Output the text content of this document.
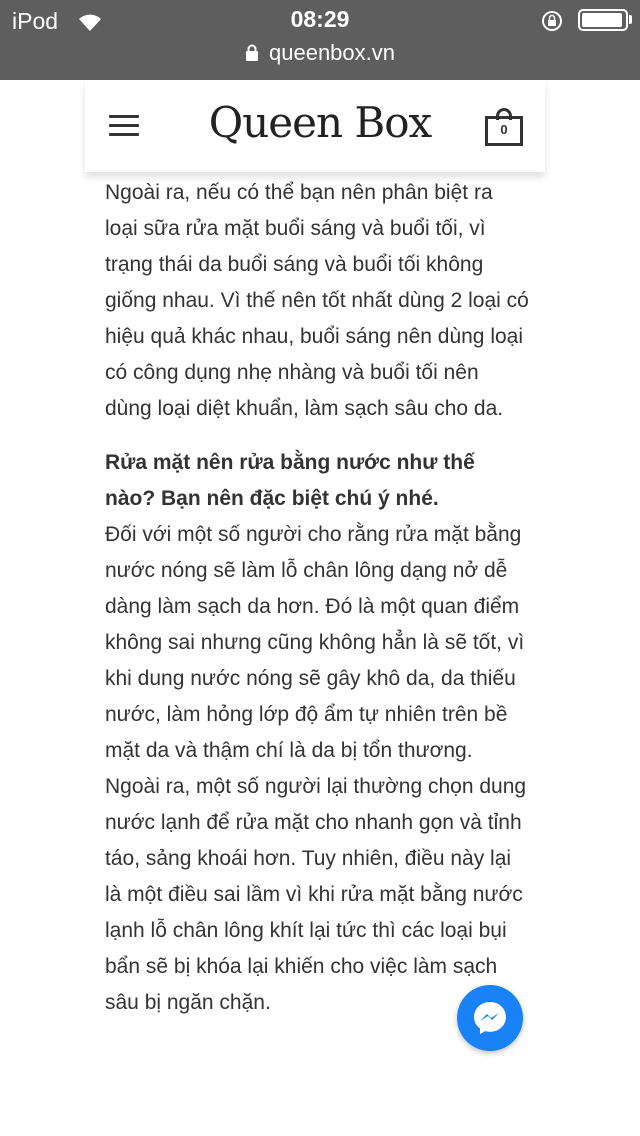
iPod	08:29
queenbox.vn
Queen Box	0

Ngoài ra, nếu có thể bạn nên phân biệt ra loại sữa rửa mặt buổi sáng và buổi tối, vì trạng thái da buổi sáng và buổi tối không giống nhau. Vì thế nên tốt nhất dùng 2 loại có hiệu quả khác nhau, buổi sáng nên dùng loại có công dụng nhẹ nhàng và buổi tối nên dùng loại diệt khuẩn, làm sạch sâu cho da.

Rửa mặt nên rửa bằng nước như thế nào? Bạn nên đặc biệt chú ý nhé.

Đối với một số người cho rằng rửa mặt bằng nước nóng sẽ làm lỗ chân lông dạng nở dễ dàng làm sạch da hơn. Đó là một quan điểm không sai nhưng cũng không hẳn là sẽ tốt, vì khi dung nước nóng sẽ gây khô da, da thiếu nước, làm hỏng lớp độ ẩm tự nhiên trên bề mặt da và thậm chí là da bị tổn thương. Ngoài ra, một số người lại thường chọn dung nước lạnh để rửa mặt cho nhanh gọn và tỉnh táo, sảng khoái hơn. Tuy nhiên, điều này lại là một điều sai lầm vì khi rửa mặt bằng nước lạnh lỗ chân lông khít lại tức thì các loại bụi bẩn sẽ bị khóa lại khiến cho việc làm sạch sâu bị ngăn chặn.
